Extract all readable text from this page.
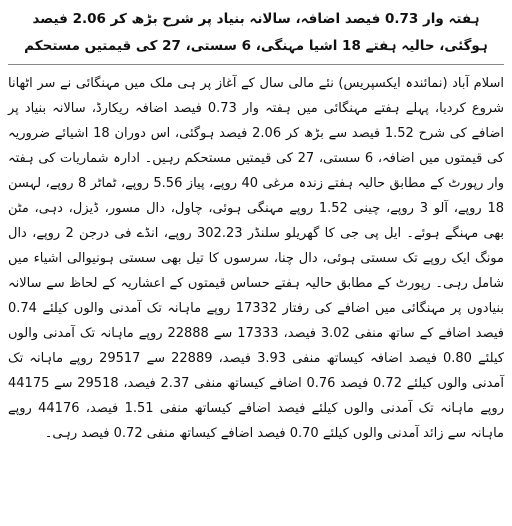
ہفتہ وار 0.73 فیصد اضافہ، سالانہ بنیاد پر شرح بڑھ کر 2.06 فیصد ہوگئی، حالیہ ہفتے 18 اشیا مہنگی، 6 سستی، 27 کی قیمتیں مستحکم

اسلام آباد (نمائندہ ایکسپریس) نئے مالی سال کے آغاز پر ہی ملک میں مہنگائی نے سر اٹھانا شروع کردیا، پہلے ہفتے مہنگائی میں ہفتہ وار 0.73 فیصد اضافہ ریکارڈ، سالانہ بنیاد پر اضافے کی شرح 1.52 فیصد سے بڑھ کر 2.06 فیصد ہوگئی، اس دوران 18 اشیائے ضروریہ کی قیمتوں میں اضافہ، 6 سستی، 27 کی قیمتیں مستحکم رہیں۔ ادارہ شماریات کی ہفتہ وار رپورٹ کے مطابق حالیہ ہفتے زندہ مرغی 40 روپے، پیاز 5.56 روپے، ٹماٹر 8 روپے، لہسن 18 روپے، آلو 3 روپے، چینی 1.52 روپے مہنگی ہوئی، چاول، دال مسور، ڈیزل، دہی، مٹن بھی مہنگے ہوئے۔ ایل پی جی کا گھریلو سلنڈر 302.23 روپے، انڈے فی درجن 2 روپے، دال مونگ ایک روپے تک سستی ہوئی، دال چنا، سرسوں کا تیل بھی سستی ہونیوالی اشیاء میں شامل رہی۔ رپورٹ کے مطابق حالیہ ہفتے حساس قیمتوں کے اعشاریہ کے لحاظ سے سالانہ بنیادوں پر مہنگائی میں اضافے کی رفتار 17332 روپے ماہانہ تک آمدنی والوں کیلئے 0.74 فیصد اضافے کے ساتھ منفی 3.02 فیصد، 17333 سے 22888 روپے ماہانہ تک آمدنی والوں کیلئے 0.80 فیصد اضافہ کیساتھ منفی 3.93 فیصد، 22889 سے 29517 روپے ماہانہ تک آمدنی والوں کیلئے 0.72 فیصد 0.76 اضافے کیساتھ منفی 2.37 فیصد، 29518 سے 44175 روپے ماہانہ تک آمدنی والوں کیلئے فیصد اضافے کیساتھ منفی 1.51 فیصد، 44176 روپے ماہانہ سے زائد آمدنی والوں کیلئے 0.70 فیصد اضافے کیساتھ منفی 0.72 فیصد رہی۔
